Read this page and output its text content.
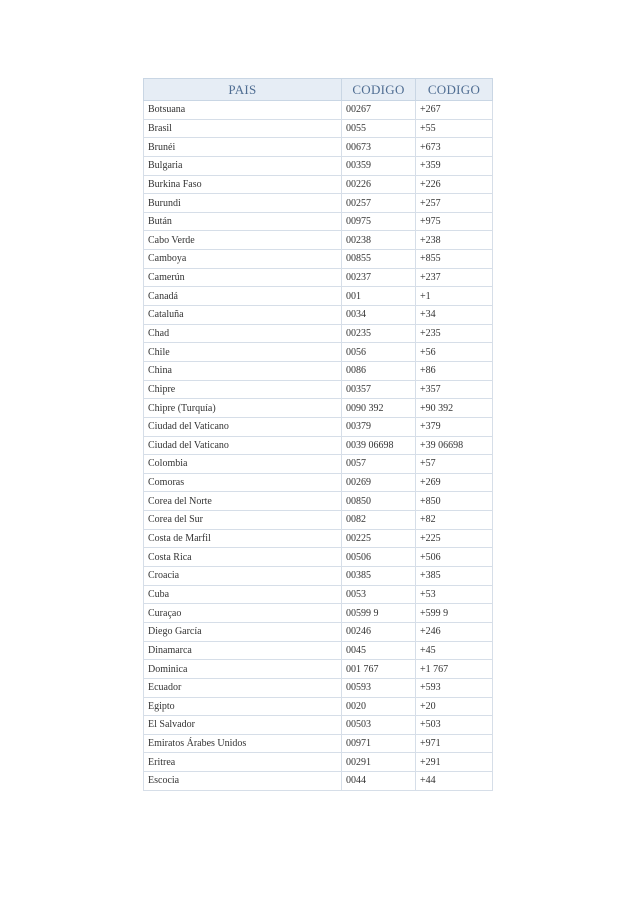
PAIS	CODIGO	CODIGO
Botsuana	00267	+267
Brasil	0055	+55
Brunéi	00673	+673
Bulgaria	00359	+359
Burkina Faso	00226	+226
Burundi	00257	+257
Bután	00975	+975
Cabo Verde	00238	+238
Camboya	00855	+855
Camerún	00237	+237
Canadá	001	+1
Cataluña	0034	+34
Chad	00235	+235
Chile	0056	+56
China	0086	+86
Chipre	00357	+357
Chipre (Turquía)	0090 392	+90 392
Ciudad del Vaticano	00379	+379
Ciudad del Vaticano	0039 06698	+39 06698
Colombia	0057	+57
Comoras	00269	+269
Corea del Norte	00850	+850
Corea del Sur	0082	+82
Costa de Marfil	00225	+225
Costa Rica	00506	+506
Croacia	00385	+385
Cuba	0053	+53
Curaçao	00599 9	+599 9
Diego García	00246	+246
Dinamarca	0045	+45
Dominica	001 767	+1 767
Ecuador	00593	+593
Egipto	0020	+20
El Salvador	00503	+503
Emiratos Árabes Unidos	00971	+971
Eritrea	00291	+291
Escocia	0044	+44
